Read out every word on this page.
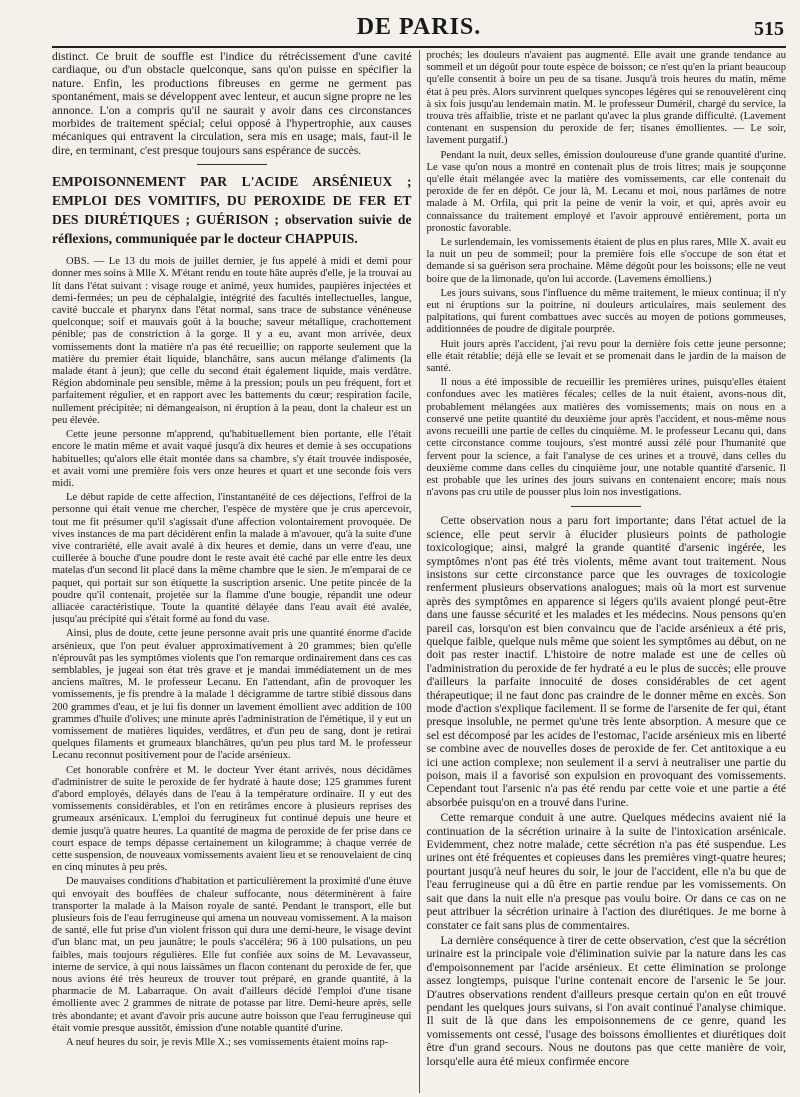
DE PARIS.	515

distinct. Ce bruit de souffle est l'indice du rétrécissement d'une cavité cardiaque, ou d'un obstacle quelconque, sans qu'on puisse en spécifier la nature. Enfin, les productions fibreuses en germe ne germent pas spontanément, mais se développent avec lenteur, et aucun signe propre ne les annonce. L'on a compris qu'il ne saurait y avoir dans ces circonstances morbides de traitement spécial; celui opposé à l'hypertrophie, aux causes mécaniques qui entravent la circulation, sera mis en usage; mais, faut-il le dire, en terminant, c'est presque toujours sans espérance de succès.

EMPOISONNEMENT PAR L'ACIDE ARSÉNIEUX ; EMPLOI DES VOMITIFS, DU PEROXIDE DE FER ET DES DIURÉTIQUES ; GUÉRISON ; observation suivie de réflexions, communiquée par le docteur CHAPPUIS.

OBS. — Le 13 du mois de juillet dernier, je fus appelé à midi et demi pour donner mes soins à Mlle X. M'étant rendu en toute hâte auprès d'elle, je la trouvai au lit dans l'état suivant : visage rouge et animé, yeux humides, paupières injectées et demi-fermées; un peu de céphalalgie, intégrité des facultés intellectuelles, langue, cavité buccale et pharynx dans l'état normal, sans trace de substance vénéneuse quelconque; soif et mauvais goût à la bouche; saveur métallique, crachottement pénible; pas de constriction à la gorge. Il y a eu, avant mon arrivée, deux vomissements dont la matière n'a pas été recueillie; on rapporte seulement que la matière du premier était liquide, blanchâtre, sans aucun mélange d'aliments (la malade étant à jeun); que celle du second était également liquide, mais verdâtre. Région abdominale peu sensible, même à la pression; pouls un peu fréquent, fort et parfaitement régulier, et en rapport avec les battements du cœur; respiration facile, nullement précipitée; ni démangeaison, ni éruption à la peau, dont la chaleur est un peu élevée.

Cette jeune personne m'apprend, qu'habituellement bien portante, elle l'était encore le matin même et avait vaqué jusqu'à dix heures et demie à ses occupations habituelles; qu'alors elle était montée dans sa chambre, s'y était trouvée indisposée, et avait vomi une première fois vers onze heures et quart et une seconde fois vers midi.

Le début rapide de cette affection, l'instantanéité de ces déjections, l'effroi de la personne qui était venue me chercher, l'espèce de mystère que je crus apercevoir, tout me fit présumer qu'il s'agissait d'une affection volontairement provoquée. De vives instances de ma part décidèrent enfin la malade à m'avouer, qu'à la suite d'une vive contrariété, elle avait avalé à dix heures et demie, dans un verre d'eau, une cuillerée à bouche d'une poudre dont le reste avait été caché par elle entre les deux matelas d'un second lit placé dans la même chambre que le sien. Je m'emparai de ce paquet, qui portait sur son étiquette la suscription arsenic. Une petite pincée de la poudre qu'il contenait, projetée sur la flamme d'une bougie, répandit une odeur alliacée caractéristique. Toute la quantité délayée dans l'eau avait été avalée, jusqu'au précipité qui s'était formé au fond du vase.

Ainsi, plus de doute, cette jeune personne avait pris une quantité énorme d'acide arsénieux, que l'on peut évaluer approximativement à 20 grammes; bien qu'elle n'éprouvât pas les symptômes violents que l'on remarque ordinairement dans ces cas semblables, je jugeai son état très grave et je mandai immédiatement un de mes anciens maîtres, M. le professeur Lecanu. En l'attendant, afin de provoquer les vomissements, je fis prendre à la malade 1 décigramme de tartre stibié dissous dans 200 grammes d'eau, et je lui fis donner un lavement émollient avec addition de 100 grammes d'huile d'olives; une minute après l'administration de l'émétique, il y eut un vomissement de matières liquides, verdâtres, et d'un peu de sang, dont je retirai quelques filaments et grumeaux blanchâtres, qu'un peu plus tard M. le professeur Lecanu reconnut positivement pour de l'acide arsénieux.

Cet honorable confrère et M. le docteur Yver étant arrivés, nous décidâmes d'administrer de suite le peroxide de fer hydraté à haute dose; 125 grammes furent d'abord employés, délayés dans de l'eau à la température ordinaire. Il y eut des vomissements considérables, et l'on en retirâmes encore à plusieurs reprises des grumeaux arsénicaux. L'emploi du ferrugineux fut continué depuis une heure et demie jusqu'à quatre heures. La quantité de magma de peroxide de fer prise dans ce court espace de temps dépasse certainement un kilogramme; à chaque verrée de cette suspension, de nouveaux vomissements avaient lieu et se renouvelaient de cinq en cinq minutes à peu près.

De mauvaises conditions d'habitation et particulièrement la proximité d'une étuve qui envoyait des bouffées de chaleur suffocante, nous déterminèrent à faire transporter la malade à la Maison royale de santé. Pendant le transport, elle but plusieurs fois de l'eau ferrugineuse qui amena un nouveau vomissement. A la maison de santé, elle fut prise d'un violent frisson qui dura une demi-heure, le visage devint d'un blanc mat, un peu jaunâtre; le pouls s'accéléra; 96 à 100 pulsations, un peu faibles, mais toujours régulières. Elle fut confiée aux soins de M. Levavasseur, interne de service, à qui nous laissâmes un flacon contenant du peroxide de fer, que nous avions été très heureux de trouver tout préparé, en grande quantité, à la pharmacie de M. Labarraque. On avait d'ailleurs décidé l'emploi d'une tisane émolliente avec 2 grammes de nitrate de potasse par litre. Demi-heure après, selle très abondante; et avant d'avoir pris aucune autre boisson que l'eau ferrugineuse qui était vomie presque aussitôt, émission d'une notable quantité d'urine.

A neuf heures du soir, je revis Mlle X.; ses vomissements étaient moins rap-

prochés; les douleurs n'avaient pas augmenté. Elle avait une grande tendance au sommeil et un dégoût pour toute espèce de boisson; ce n'est qu'en la priant beaucoup qu'elle consentit à boire un peu de sa tisane. Jusqu'à trois heures du matin, même état à peu près. Alors survinrent quelques syncopes légères qui se renouvelèrent cinq à six fois jusqu'au lendemain matin. M. le professeur Duméril, chargé du service, la trouva très affaiblie, triste et ne parlant qu'avec la plus grande difficulté. (Lavement contenant en suspension du peroxide de fer; tisanes émollientes. — Le soir, lavement purgatif.)

Pendant la nuit, deux selles, émission douloureuse d'une grande quantité d'urine. Le vase qu'on nous a montré en contenait plus de trois litres; mais je soupçonne qu'elle était mélangée avec la matière des vomissements, car elle contenait du peroxide de fer en dépôt. Ce jour là, M. Lecanu et moi, nous parlâmes de notre malade à M. Orfila, qui prit la peine de venir la voir, et qui, après avoir eu connaissance du traitement employé et l'avoir approuvé entièrement, porta un pronostic favorable.

Le surlendemain, les vomissements étaient de plus en plus rares, Mlle X. avait eu la nuit un peu de sommeil; pour la première fois elle s'occupe de son état et demande si sa guérison sera prochaine. Même dégoût pour les boissons; elle ne veut boire que de la limonade, qu'on lui accorde. (Lavemens émolliens.)

Les jours suivans, sous l'influence du même traitement, le mieux continua; il n'y eut ni éruptions sur la poitrine, ni douleurs articulaires, mais seulement des palpitations, qui furent combattues avec succès au moyen de potions gommeuses, additionnées de poudre de digitale pourprée.

Huit jours après l'accident, j'ai revu pour la dernière fois cette jeune personne; elle était rétablie; déjà elle se levait et se promenait dans le jardin de la maison de santé.

Il nous a été impossible de recueillir les premières urines, puisqu'elles étaient confondues avec les matières fécales; celles de la nuit étaient, avons-nous dit, probablement mélangées aux matières des vomissements; mais on nous en a conservé une petite quantité du deuxième jour après l'accident, et nous-même nous avons recueilli une partie de celles du cinquième. M. le professeur Lecanu qui, dans cette circonstance comme toujours, s'est montré aussi zélé pour l'humanité que fervent pour la science, a fait l'analyse de ces urines et a trouvé, dans celles du deuxième comme dans celles du cinquième jour, une notable quantité d'arsenic. Il est probable que les urines des jours suivans en contenaient encore; mais nous n'avons pas cru utile de pousser plus loin nos investigations.

Cette observation nous a paru fort importante; dans l'état actuel de la science, elle peut servir à élucider plusieurs points de pathologie toxicologique; ainsi, malgré la grande quantité d'arsenic ingérée, les symptômes n'ont pas été très violents, même avant tout traitement. Nous insistons sur cette circonstance parce que les ouvrages de toxicologie renferment plusieurs observations analogues; mais où la mort est survenue après des symptômes en apparence si légers qu'ils avaient plongé peut-être dans une fausse sécurité et les malades et les médecins. Nous pensons qu'en pareil cas, lorsqu'on est bien convaincu que de l'acide arsénieux a été pris, quelque faible, quelque nuls même que soient les symptômes au début, on ne doit pas rester inactif. L'histoire de notre malade est une de celles où l'administration du peroxide de fer hydraté a eu le plus de succès; elle prouve d'ailleurs la parfaite innocuité de doses considérables de cet agent thérapeutique; il ne faut donc pas craindre de le donner même en excès. Son mode d'action s'explique facilement. Il se forme de l'arsenite de fer qui, étant presque insoluble, ne permet qu'une très lente absorption. A mesure que ce sel est décomposé par les acides de l'estomac, l'acide arsénieux mis en liberté se combine avec de nouvelles doses de peroxide de fer. Cet antitoxique a eu ici une action complexe; non seulement il a servi à neutraliser une partie du poison, mais il a favorisé son expulsion en provoquant des vomissements. Cependant tout l'arsenic n'a pas été rendu par cette voie et une partie a été absorbée puisqu'on en a trouvé dans l'urine.

Cette remarque conduit à une autre. Quelques médecins avaient nié la continuation de la sécrétion urinaire à la suite de l'intoxication arsénicale. Evidemment, chez notre malade, cette sécrétion n'a pas été suspendue. Les urines ont été fréquentes et copieuses dans les premières vingt-quatre heures; pourtant jusqu'à neuf heures du soir, le jour de l'accident, elle n'a bu que de l'eau ferrugineuse qui a dû être en partie rendue par les vomissements. On sait que dans la nuit elle n'a presque pas voulu boire. Or dans ce cas on ne peut attribuer la sécrétion urinaire à l'action des diurétiques. Je me borne à constater ce fait sans plus de commentaires.

La dernière conséquence à tirer de cette observation, c'est que la sécrétion urinaire est la principale voie d'élimination suivie par la nature dans les cas d'empoisonnement par l'acide arsénieux. Et cette élimination se prolonge assez longtemps, puisque l'urine contenait encore de l'arsenic le 5e jour. D'autres observations rendent d'ailleurs presque certain qu'on en eût trouvé pendant les quelques jours suivans, si l'on avait continué l'analyse chimique. Il suit de là que dans les empoisonnemens de ce genre, quand les vomissements ont cessé, l'usage des boissons émollientes et diurétiques doit être d'un grand secours. Nous ne doutons pas que cette manière de voir, lorsqu'elle aura été mieux confirmée encore
